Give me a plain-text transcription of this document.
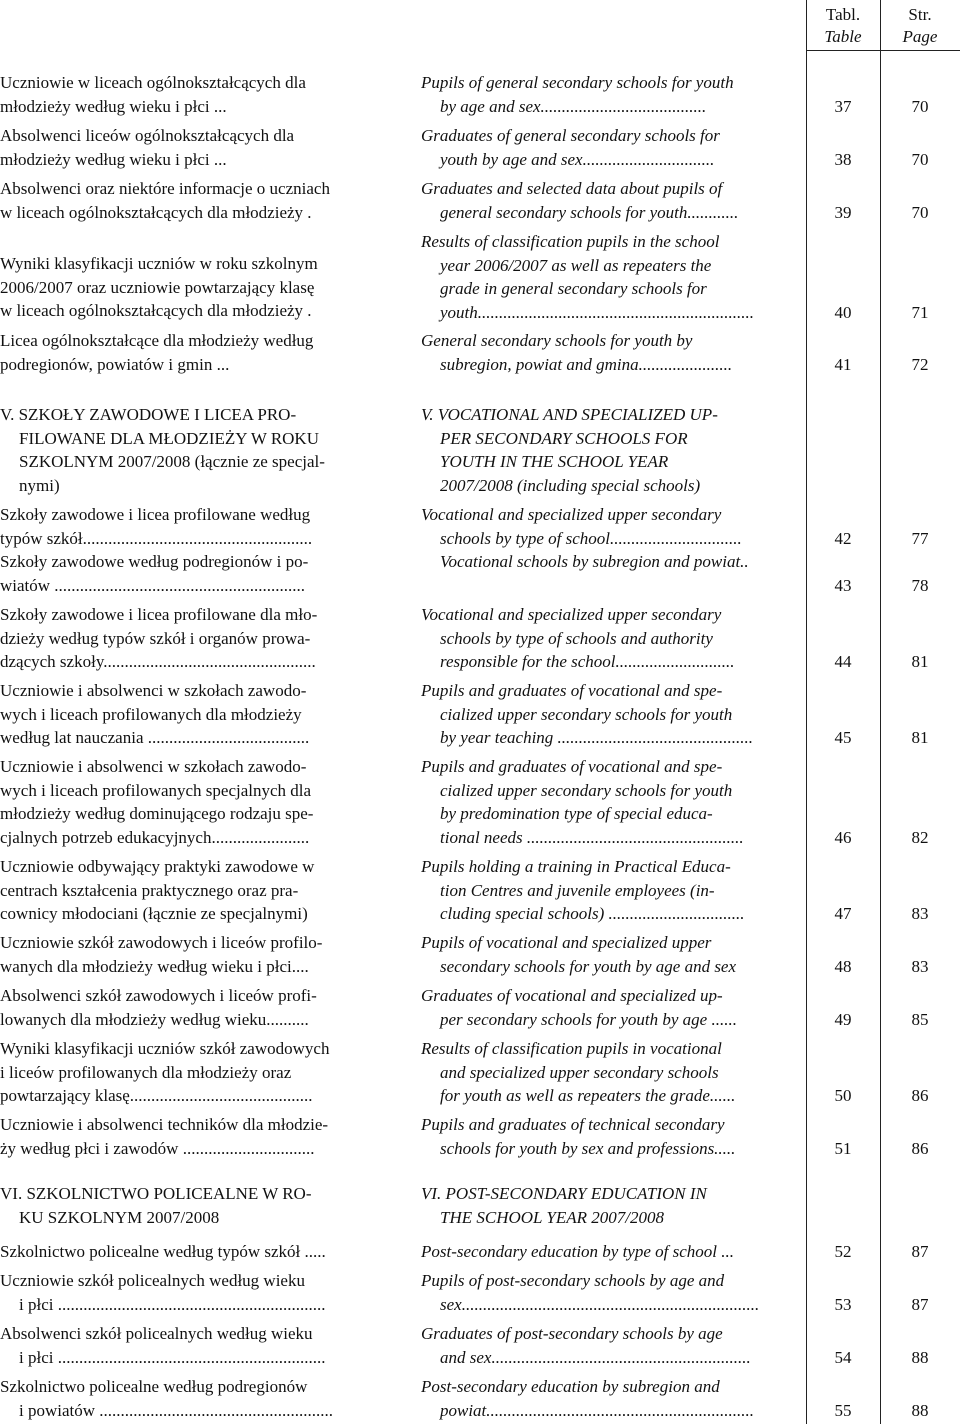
Tabl.
Table
Str.
Page
Uczniowie w liceach ogólnokształcących dla
młodzieży według wieku i płci ...
Pupils of general secondary schools for youth
by age and sex.......................................	37	70
Absolwenci liceów ogólnokształcących dla
młodzieży według wieku i płci ...
Graduates of general secondary schools for
youth by age and sex...............................	38	70
Absolwenci oraz niektóre informacje o uczniach
w liceach ogólnokształcących dla młodzieży .
Graduates and selected data about pupils of
general secondary schools for youth............	39	70
Wyniki klasyfikacji uczniów w roku szkolnym
2006/2007 oraz uczniowie powtarzający klasę
w liceach ogólnokształcących dla młodzieży .
Results of classification pupils in the school
year 2006/2007 as well as repeaters the
grade in general secondary schools for
youth.................................................................	40	71
Licea ogólnokształcące dla młodzieży według
podregionów, powiatów i gmin ...
General secondary schools for youth by
subregion, powiat and gmina......................	41	72
V. SZKOŁY ZAWODOWE I LICEA PRO-
FILOWANE DLA MŁODZIEŻY W ROKU
SZKOLNYM 2007/2008 (łącznie ze specjal-
nymi)
V. VOCATIONAL AND SPECIALIZED UP-
PER SECONDARY SCHOOLS FOR
YOUTH IN THE SCHOOL YEAR
2007/2008 (including special schools)
Szkoły zawodowe i licea profilowane według
typów szkół......................................................
Vocational and specialized upper secondary
schools by type of school...............................	42	77
Szkoły zawodowe według podregionów i po-
wiatów ...........................................................
Vocational schools by subregion and powiat..
43	78
Szkoły zawodowe i licea profilowane dla mło-
dzieży według typów szkół i organów prowa-
dzących szkoły..................................................
Vocational and specialized upper secondary
schools by type of schools and authority
responsible for the school............................	44	81
Uczniowie i absolwenci w szkołach zawodo-
wych i liceach profilowanych dla młodzieży
według lat nauczania ......................................
Pupils and graduates of vocational and spe-
cialized upper secondary schools for youth
by year teaching ..............................................	45	81
Uczniowie i absolwenci w szkołach zawodo-
wych i liceach profilowanych specjalnych dla
młodzieży według dominującego rodzaju spe-
cjalnych potrzeb edukacyjnych.......................
Pupils and graduates of vocational and spe-
cialized upper secondary schools for youth
by predomination type of special educa-
tional needs ...................................................	46	82
Uczniowie odbywający praktyki zawodowe w
centrach kształcenia praktycznego oraz pra-
cownicy młodociani (łącznie ze specjalnymi)
Pupils holding a training in Practical Educa-
tion Centres and juvenile employees (in-
cluding special schools) ................................	47	83
Uczniowie szkół zawodowych i liceów profilo-
wanych dla młodzieży według wieku i płci....
Pupils of vocational and specialized upper
secondary schools for youth by age and sex	48	83
Absolwenci szkół zawodowych i liceów profi-
lowanych dla młodzieży według wieku..........
Graduates of vocational and specialized up-
per secondary schools for youth by age ......	49	85
Wyniki klasyfikacji uczniów szkół zawodowych
i liceów profilowanych dla młodzieży oraz
powtarzający klasę...........................................
Results of classification pupils in vocational
and specialized upper secondary schools
for youth as well as repeaters the grade......	50	86
Uczniowie i absolwenci techników dla młodzie-
ży według płci i zawodów ...............................
Pupils and graduates of technical secondary
schools for youth by sex and professions.....	51	86
VI. SZKOLNICTWO POLICEALNE W RO-
KU SZKOLNYM 2007/2008
VI. POST-SECONDARY EDUCATION IN
THE SCHOOL YEAR 2007/2008
Szkolnictwo policealne według typów szkół .....	Post-secondary education by type of school ...	52	87
Uczniowie szkół policealnych według wieku
i płci ...............................................................
Pupils of post-secondary schools by age and
sex......................................................................	53	87
Absolwenci szkół policealnych według wieku
i płci ...............................................................
Graduates of post-secondary schools by age
and sex.............................................................	54	88
Szkolnictwo policealne według podregionów
i powiatów .......................................................
Post-secondary education by subregion and
powiat...............................................................	55	88
